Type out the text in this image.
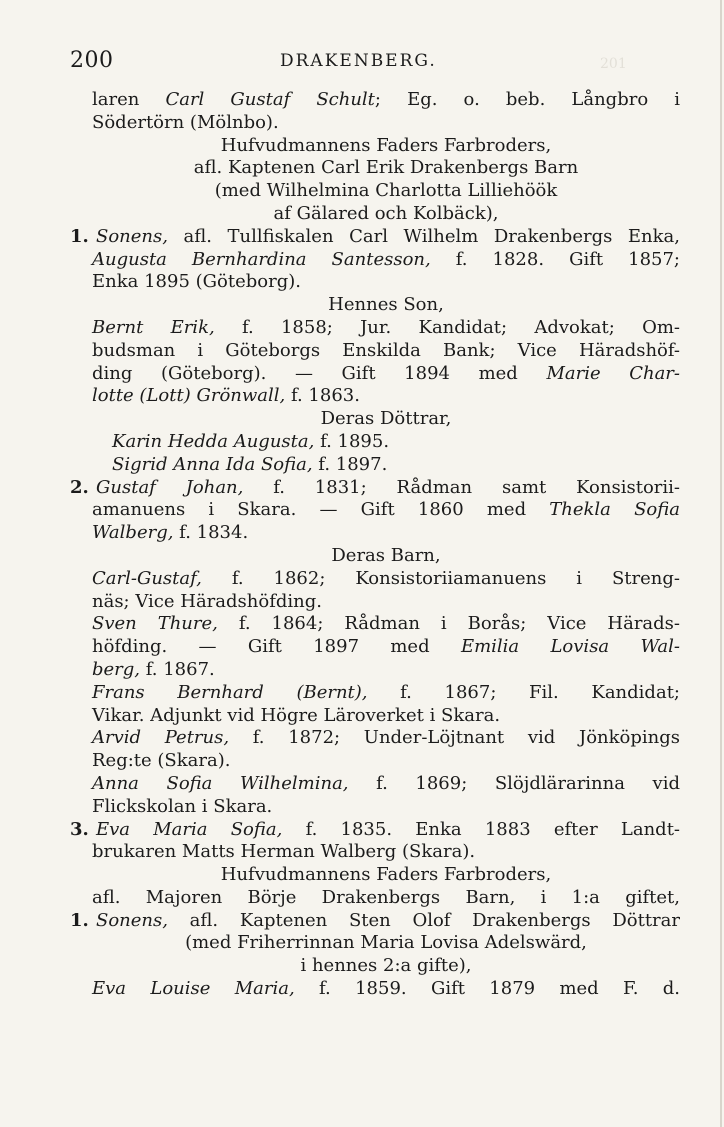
200	DRAKENBERG.	201
laren Carl Gustaf Schult; Eg. o. beb. Långbro i
Södertörn (Mölnbo).
Hufvudmannens Faders Farbroders,
afl. Kaptenen Carl Erik Drakenbergs Barn
(med Wilhelmina Charlotta Lilliehöök
af Gälared och Kolbäck),
1. Sonens, afl. Tullfiskalen Carl Wilhelm Drakenbergs Enka,
Augusta Bernhardina Santesson, f. 1828. Gift 1857;
Enka 1895 (Göteborg).
Hennes Son,
Bernt Erik, f. 1858; Jur. Kandidat; Advokat; Om-
budsman i Göteborgs Enskilda Bank; Vice Häradshöf-
ding (Göteborg). — Gift 1894 med Marie Char-
lotte (Lott) Grönwall, f. 1863.
Deras Döttrar,
Karin Hedda Augusta, f. 1895.
Sigrid Anna Ida Sofia, f. 1897.
2. Gustaf Johan, f. 1831; Rådman samt Konsistorii-
amanuens i Skara. — Gift 1860 med Thekla Sofia
Walberg, f. 1834.
Deras Barn,
Carl-Gustaf, f. 1862; Konsistoriiamanuens i Streng-
näs; Vice Häradshöfding.
Sven Thure, f. 1864; Rådman i Borås; Vice Härads-
höfding. — Gift 1897 med Emilia Lovisa Wal-
berg, f. 1867.
Frans Bernhard (Bernt), f. 1867; Fil. Kandidat;
Vikar. Adjunkt vid Högre Läroverket i Skara.
Arvid Petrus, f. 1872; Under-Löjtnant vid Jönköpings
Reg:te (Skara).
Anna Sofia Wilhelmina, f. 1869; Slöjdlärarinna vid
Flickskolan i Skara.
3. Eva Maria Sofia, f. 1835. Enka 1883 efter Landt-
brukaren Matts Herman Walberg (Skara).
Hufvudmannens Faders Farbroders,
afl. Majoren Börje Drakenbergs Barn, i 1:a giftet,
1. Sonens, afl. Kaptenen Sten Olof Drakenbergs Döttrar
(med Friherrinnan Maria Lovisa Adelswärd,
i hennes 2:a gifte),
Eva Louise Maria, f. 1859. Gift 1879 med F. d.
